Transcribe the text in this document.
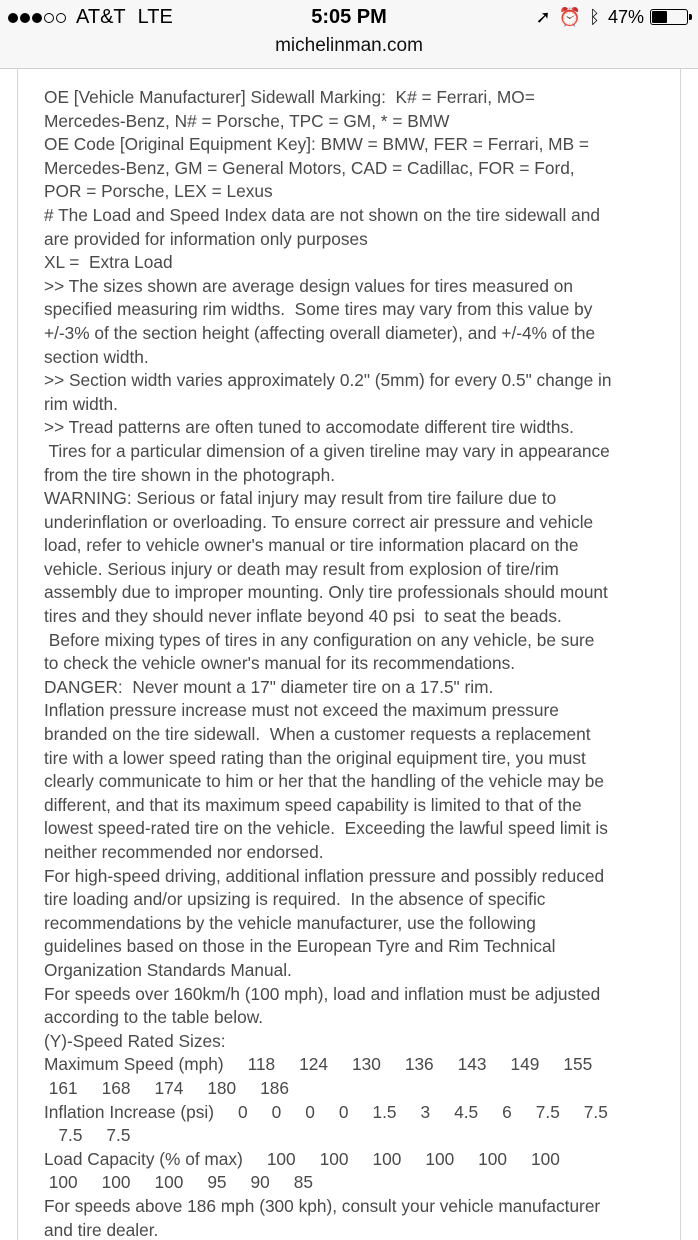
AT&T LTE	5:05 PM	➚ ⏰ ᛒ 47%
michelinman.com
OE [Vehicle Manufacturer] Sidewall Marking:  K# = Ferrari, MO=
Mercedes-Benz, N# = Porsche, TPC = GM, * = BMW
OE Code [Original Equipment Key]: BMW = BMW, FER = Ferrari, MB =
Mercedes-Benz, GM = General Motors, CAD = Cadillac, FOR = Ford,
POR = Porsche, LEX = Lexus
# The Load and Speed Index data are not shown on the tire sidewall and
are provided for information only purposes
XL =  Extra Load
>> The sizes shown are average design values for tires measured on
specified measuring rim widths.  Some tires may vary from this value by
+/-3% of the section height (affecting overall diameter), and +/-4% of the
section width.
>> Section width varies approximately 0.2" (5mm) for every 0.5" change in
rim width.
>> Tread patterns are often tuned to accomodate different tire widths.
Tires for a particular dimension of a given tireline may vary in appearance
from the tire shown in the photograph.
WARNING: Serious or fatal injury may result from tire failure due to
underinflation or overloading. To ensure correct air pressure and vehicle
load, refer to vehicle owner's manual or tire information placard on the
vehicle. Serious injury or death may result from explosion of tire/rim
assembly due to improper mounting. Only tire professionals should mount
tires and they should never inflate beyond 40 psi  to seat the beads.
Before mixing types of tires in any configuration on any vehicle, be sure
to check the vehicle owner's manual for its recommendations.
DANGER:  Never mount a 17" diameter tire on a 17.5" rim.
Inflation pressure increase must not exceed the maximum pressure
branded on the tire sidewall.  When a customer requests a replacement
tire with a lower speed rating than the original equipment tire, you must
clearly communicate to him or her that the handling of the vehicle may be
different, and that its maximum speed capability is limited to that of the
lowest speed-rated tire on the vehicle.  Exceeding the lawful speed limit is
neither recommended nor endorsed.
For high-speed driving, additional inflation pressure and possibly reduced
tire loading and/or upsizing is required.  In the absence of specific
recommendations by the vehicle manufacturer, use the following
guidelines based on those in the European Tyre and Rim Technical
Organization Standards Manual.
For speeds over 160km/h (100 mph), load and inflation must be adjusted
according to the table below.
(Y)-Speed Rated Sizes:
Maximum Speed (mph)     118     124     130     136     143     149     155
161     168     174     180     186
Inflation Increase (psi)     0     0     0     0     1.5     3     4.5     6     7.5     7.5
7.5     7.5
Load Capacity (% of max)     100     100     100     100     100     100
100     100     100     95     90     85
For speeds above 186 mph (300 kph), consult your vehicle manufacturer
and tire dealer.
